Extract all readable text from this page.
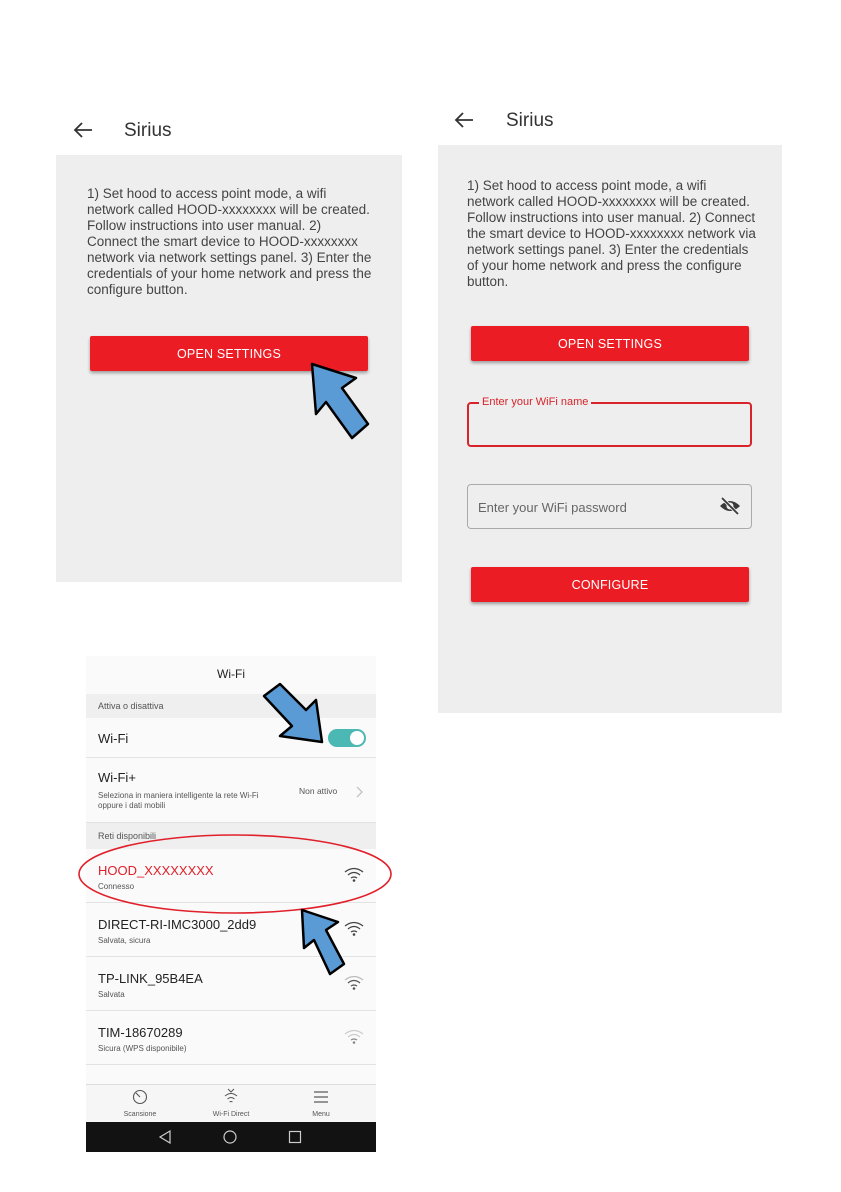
Sirius
1) Set hood to access point mode, a wifi network called HOOD-xxxxxxxx will be created. Follow instructions into user manual. 2) Connect the smart device to HOOD-xxxxxxxx network via network settings panel. 3) Enter the credentials of your home network and press the configure button.
OPEN SETTINGS
Sirius
1) Set hood to access point mode, a wifi network called HOOD-xxxxxxxx will be created. Follow instructions into user manual. 2) Connect the smart device to HOOD-xxxxxxxx network via network settings panel. 3) Enter the credentials of your home network and press the configure button.
OPEN SETTINGS
Enter your WiFi name
Enter your WiFi password
CONFIGURE
Wi-Fi
Attiva o disattiva
Wi-Fi
Wi-Fi+
Seleziona in maniera intelligente la rete Wi-Fi
oppure i dati mobili
Non attivo
Reti disponibili
HOOD_XXXXXXXX
Connesso
DIRECT-RI-IMC3000_2dd9
Salvata, sicura
TP-LINK_95B4EA
Salvata
TIM-18670289
Sicura (WPS disponibile)
Scansione	Wi-Fi Direct	Menu
